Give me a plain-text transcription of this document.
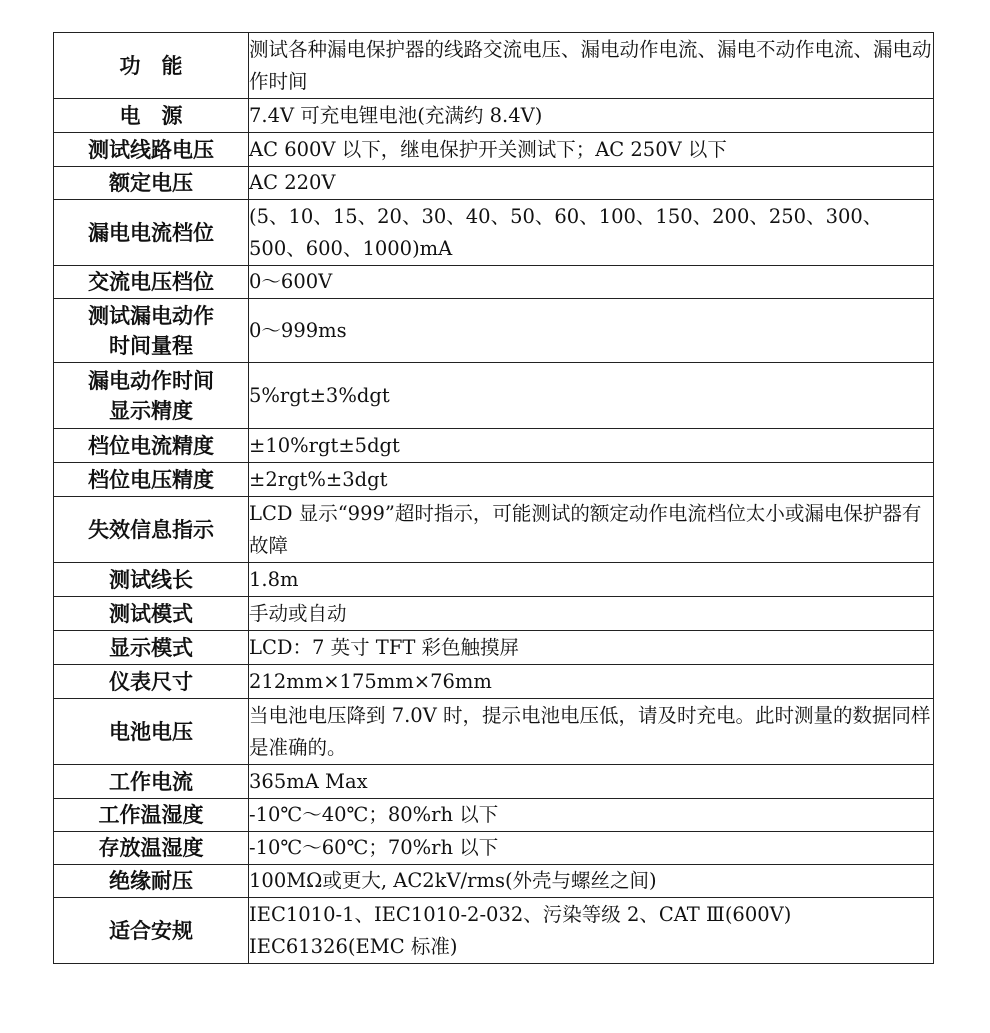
功　能	测试各种漏电保护器的线路交流电压、漏电动作电流、漏电不动作电流、漏电动作时间
电　源	7.4V 可充电锂电池(充满约 8.4V)
测试线路电压	AC 600V 以下，继电保护开关测试下；AC 250V 以下
额定电压	AC 220V
漏电电流档位	(5、10、15、20、30、40、50、60、100、150、200、250、300、500、600、1000)mA
交流电压档位	0～600V
测试漏电动作时间量程	0～999ms
漏电动作时间显示精度	5%rgt±3%dgt
档位电流精度	±10%rgt±5dgt
档位电压精度	±2rgt%±3dgt
失效信息指示	LCD 显示“999”超时指示，可能测试的额定动作电流档位太小或漏电保护器有故障
测试线长	1.8m
测试模式	手动或自动
显示模式	LCD：7 英寸 TFT 彩色触摸屏
仪表尺寸	212mm×175mm×76mm
电池电压	当电池电压降到 7.0V 时，提示电池电压低，请及时充电。此时测量的数据同样是准确的。
工作电流	365mA Max
工作温湿度	-10℃～40℃；80%rh 以下
存放温湿度	-10℃～60℃；70%rh 以下
绝缘耐压	100MΩ或更大, AC2kV/rms(外壳与螺丝之间)
适合安规	IEC1010-1、IEC1010-2-032、污染等级 2、CAT Ⅲ(600V) IEC61326(EMC 标准)
